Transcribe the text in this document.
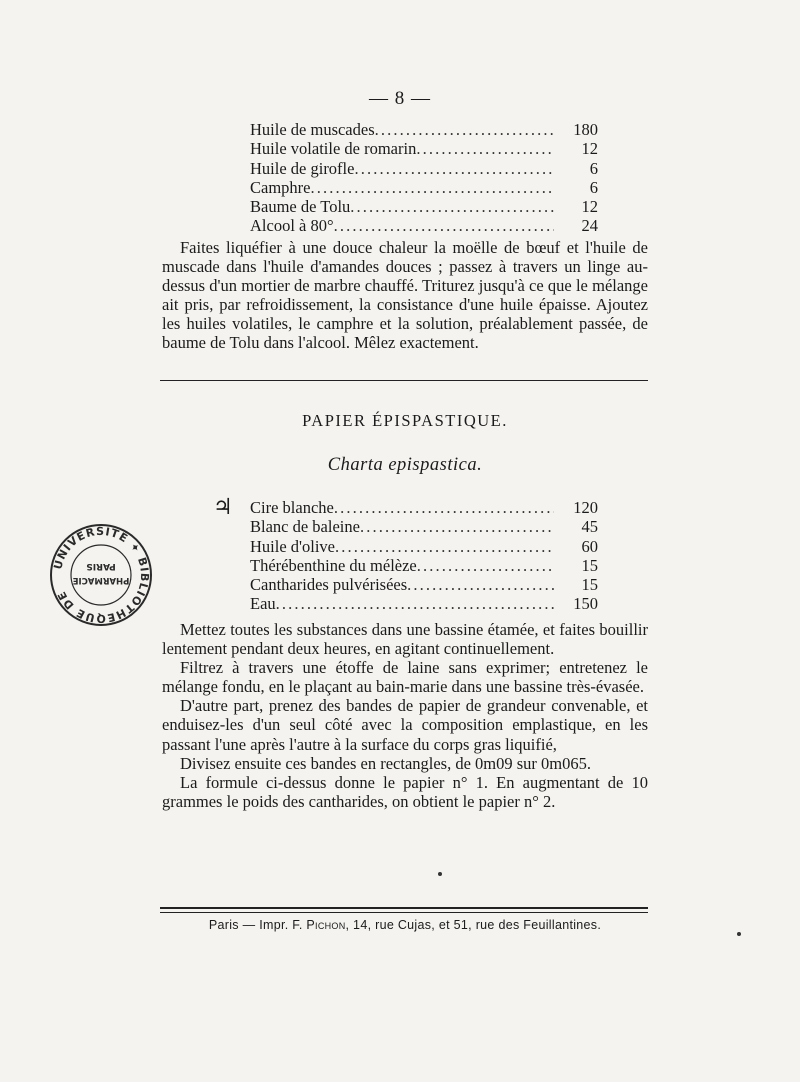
— 8 —
Huile de muscades . . .	180
Huile volatile de romarin . . .	12
Huile de girofle . . .	6
Camphre . . .	6
Baume de Tolu . . .	12
Alcool à 80° . . .	24

Faites liquéfier à une douce chaleur la moëlle de bœuf et l'huile de muscade dans l'huile d'amandes douces ; passez à travers un linge au-dessus d'un mortier de marbre chauffé. Triturez jusqu'à ce que le mélange ait pris, par refroidissement, la consistance d'une huile épaisse. Ajoutez les huiles volatiles, le camphre et la solution, préalablement passée, de baume de Tolu dans l'alcool. Mêlez exactement.

PAPIER ÉPISPASTIQUE.
Charta epispastica.
♃ Cire blanche . . .	120
Blanc de baleine . . .	45
Huile d'olive . . .	60
Thérébenthine du mélèze . . .	15
Cantharides pulvérisées . . .	15
Eau . . .	150
UNIVERSITÉ ✦ BIBLIOTHÈQUE DE
PHARMACIE
PARIS

Mettez toutes les substances dans une bassine étamée, et faites bouillir lentement pendant deux heures, en agitant continuellement.

Filtrez à travers une étoffe de laine sans exprimer; entretenez le mélange fondu, en le plaçant au bain-marie dans une bassine très-évasée.

D'autre part, prenez des bandes de papier de grandeur convenable, et enduisez-les d'un seul côté avec la composition emplastique, en les passant l'une après l'autre à la surface du corps gras liquifié,

Divisez ensuite ces bandes en rectangles, de 0m09 sur 0m065.

La formule ci-dessus donne le papier n° 1. En augmentant de 10 grammes le poids des cantharides, on obtient le papier n° 2.

Paris — Impr. F. Pichon, 14, rue Cujas, et 51, rue des Feuillantines.
